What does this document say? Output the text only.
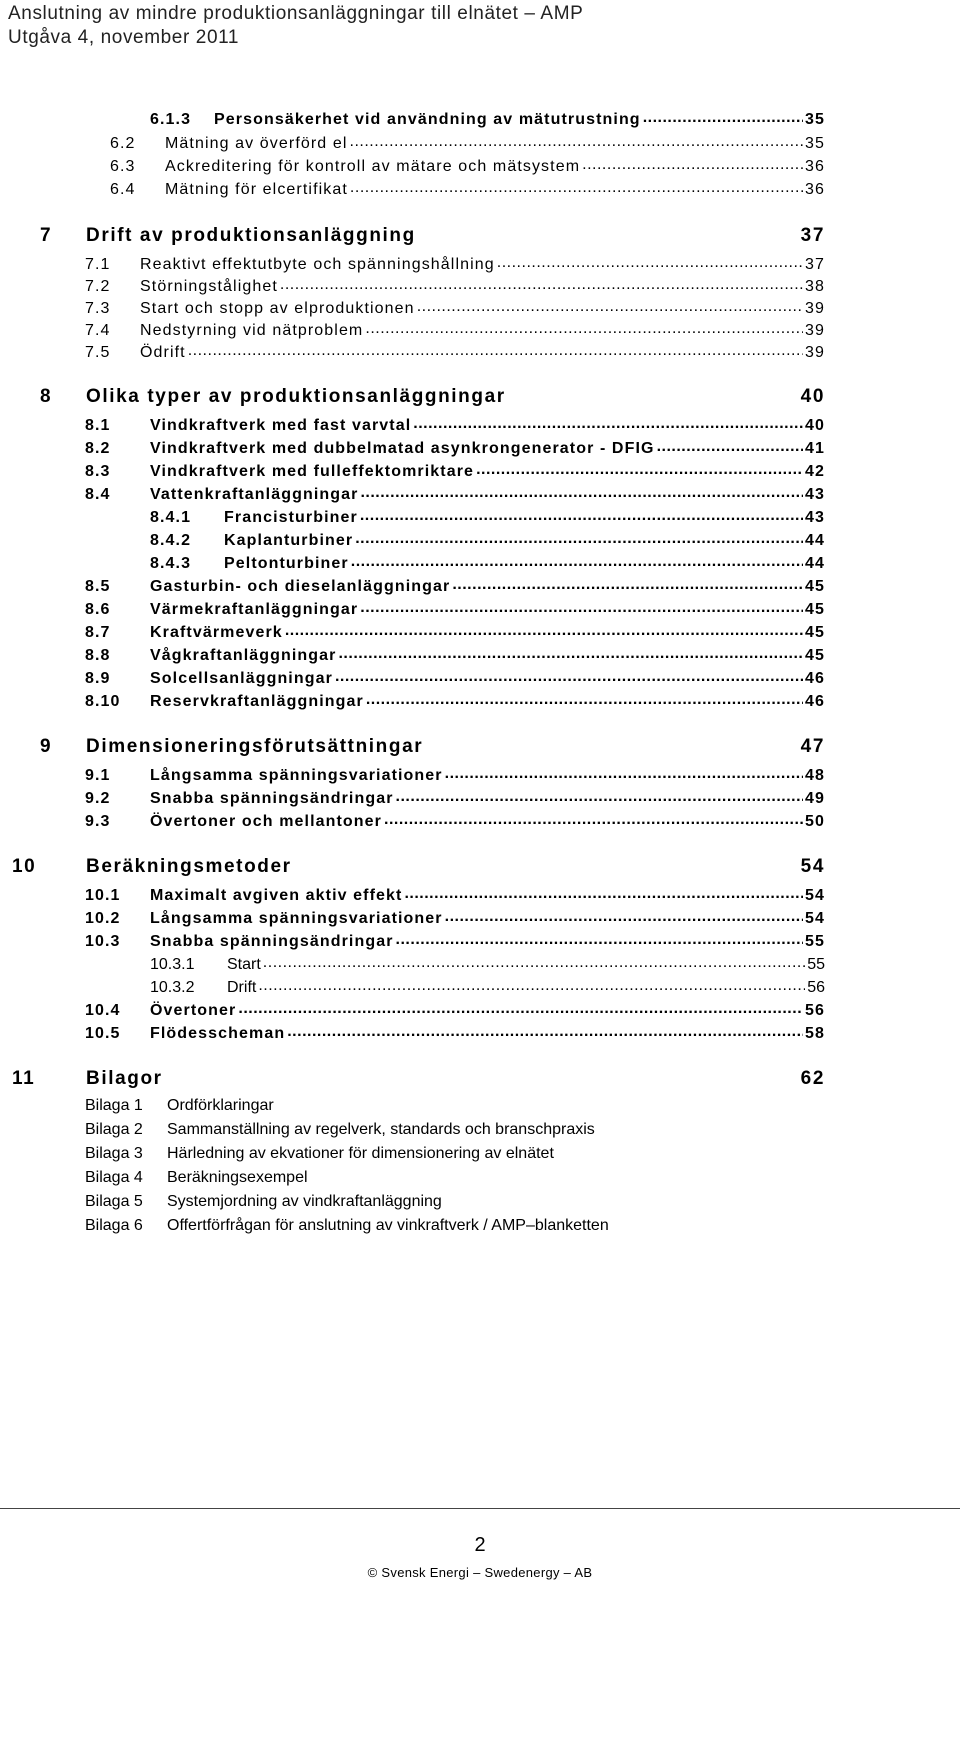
Anslutning av mindre produktionsanläggningar till elnätet – AMP
Utgåva 4, november 2011
6.1.3	Personsäkerhet vid användning av mätutrustning .....	35
6.2	Mätning av överförd el .....	35
6.3	Ackreditering för kontroll av mätare och mätsystem .....	36
6.4	Mätning för elcertifikat .....	36
7	Drift av produktionsanläggning	37
7.1	Reaktivt effektutbyte och spänningshållning .....	37
7.2	Störningstålighet .....	38
7.3	Start och stopp av elproduktionen .....	39
7.4	Nedstyrning vid nätproblem .....	39
7.5	Ödrift .....	39
8	Olika typer av produktionsanläggningar	40
8.1	Vindkraftverk med fast varvtal .....	40
8.2	Vindkraftverk med dubbelmatad asynkrongenerator - DFIG .....	41
8.3	Vindkraftverk med fulleffektomriktare .....	42
8.4	Vattenkraftanläggningar .....	43
8.4.1	Francisturbiner .....	43
8.4.2	Kaplanturbiner .....	44
8.4.3	Peltonturbiner .....	44
8.5	Gasturbin- och dieselanläggningar .....	45
8.6	Värmekraftanläggningar .....	45
8.7	Kraftvärmeverk .....	45
8.8	Vågkraftanläggningar .....	45
8.9	Solcellsanläggningar .....	46
8.10	Reservkraftanläggningar .....	46
9	Dimensioneringsförutsättningar	47
9.1	Långsamma spänningsvariationer .....	48
9.2	Snabba spänningsändringar .....	49
9.3	Övertoner och mellantoner .....	50
10	Beräkningsmetoder	54
10.1	Maximalt avgiven aktiv effekt .....	54
10.2	Långsamma spänningsvariationer .....	54
10.3	Snabba spänningsändringar .....	55
10.3.1	Start .....	55
10.3.2	Drift .....	56
10.4	Övertoner .....	56
10.5	Flödesscheman .....	58
11	Bilagor	62
Bilaga 1	Ordförklaringar
Bilaga 2	Sammanställning av regelverk, standards och branschpraxis
Bilaga 3	Härledning av ekvationer för dimensionering av elnätet
Bilaga 4	Beräkningsexempel
Bilaga 5	Systemjordning av vindkraftanläggning
Bilaga 6	Offertförfrågan för anslutning av vinkraftverk / AMP–blanketten
2
© Svensk Energi – Swedenergy – AB
